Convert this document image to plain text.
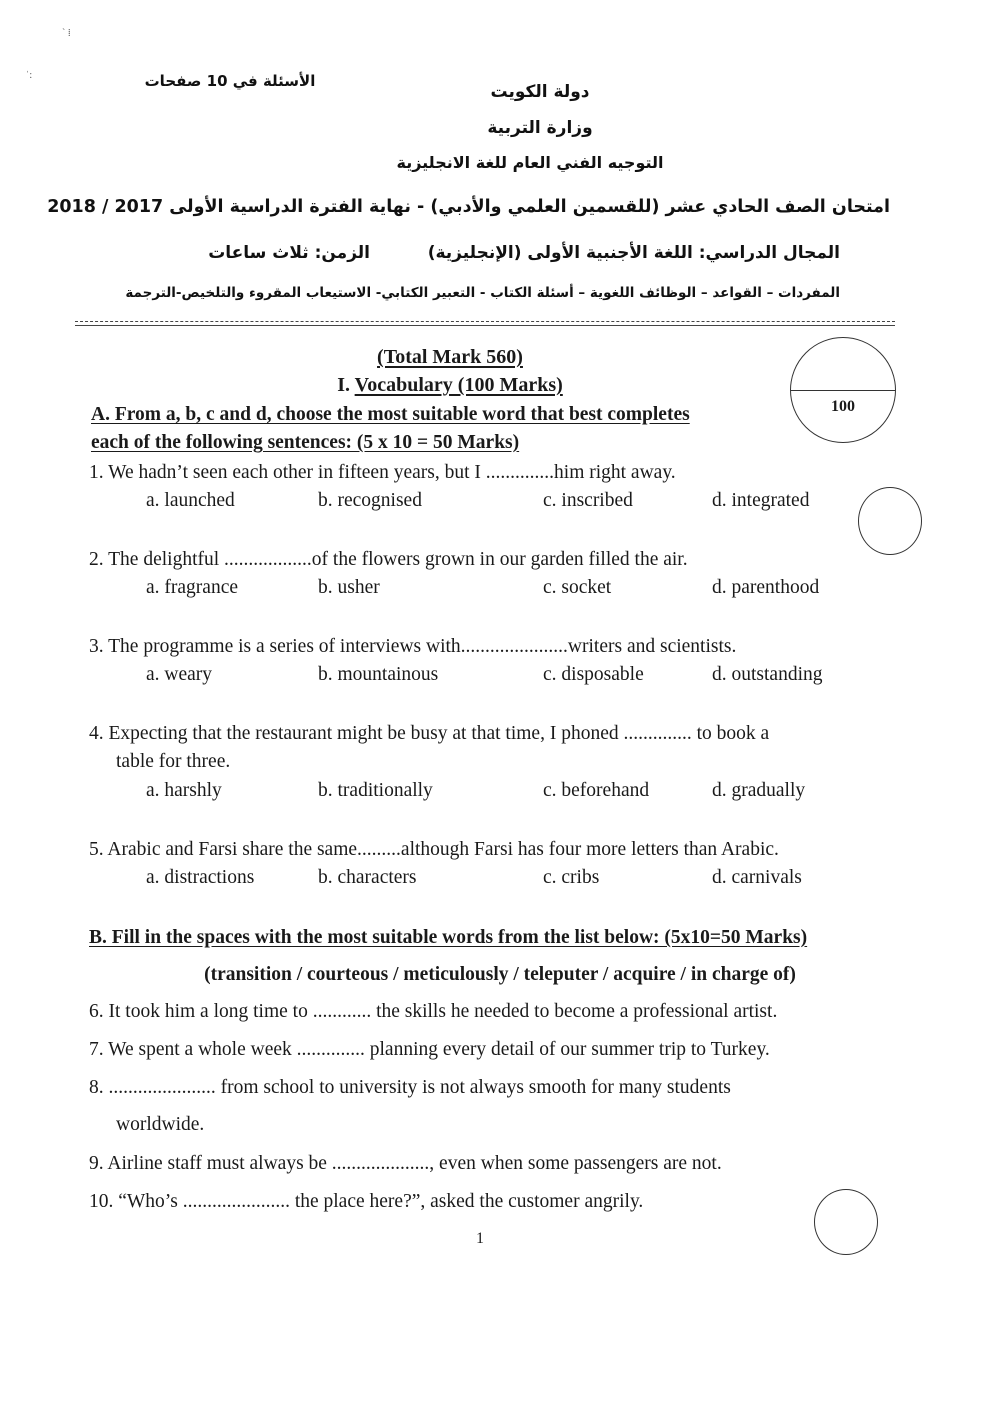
` ⁞
ˈ:	الأسئلة في 10 صفحات
دولة الكويت
وزارة التربية
التوجيه الفني العام للغة الانجليزية
امتحان الصف الحادي عشر (للقسمين العلمي والأدبي) - نهاية الفترة الدراسية الأولى 2017 / 2018
المجال الدراسي: اللغة الأجنبية الأولى (الإنجليزية)
الزمن: ثلاث ساعات
المفردات – القواعد – الوظائف اللغوية – أسئلة الكتاب - التعبير الكتابي- الاستيعاب المقروء والتلخيص-الترجمة
(Total Mark 560)
I. Vocabulary (100 Marks)
100
A. From a, b, c and d, choose the most suitable word that best completes
each of the following sentences: (5 x 10 = 50 Marks)
1. We hadn’t seen each other in fifteen years, but I ..............him right away.
a. launched	b. recognised	c. inscribed	d. integrated
2. The delightful ..................of the flowers grown in our garden filled the air.
a. fragrance	b. usher	c. socket	d. parenthood
3. The programme is a series of interviews with......................writers and scientists.
a. weary	b. mountainous	c. disposable	d. outstanding
4. Expecting that the restaurant might be busy at that time, I phoned .............. to book a
table for three.
a. harshly	b. traditionally	c. beforehand	d. gradually
5. Arabic and Farsi share the same.........although Farsi has four more letters than Arabic.
a. distractions	b. characters	c. cribs	d. carnivals
B. Fill in the spaces with the most suitable words from the list below: (5x10=50 Marks)
(transition / courteous / meticulously / teleputer / acquire / in charge of)
6. It took him a long time to ............ the skills he needed to become a professional artist.
7. We spent a whole week .............. planning every detail of our summer trip to Turkey.
8. ...................... from school to university is not always smooth for many students
worldwide.
9. Airline staff must always be ...................., even when some passengers are not.
10. “Who’s ...................... the place here?”, asked the customer angrily.
1
